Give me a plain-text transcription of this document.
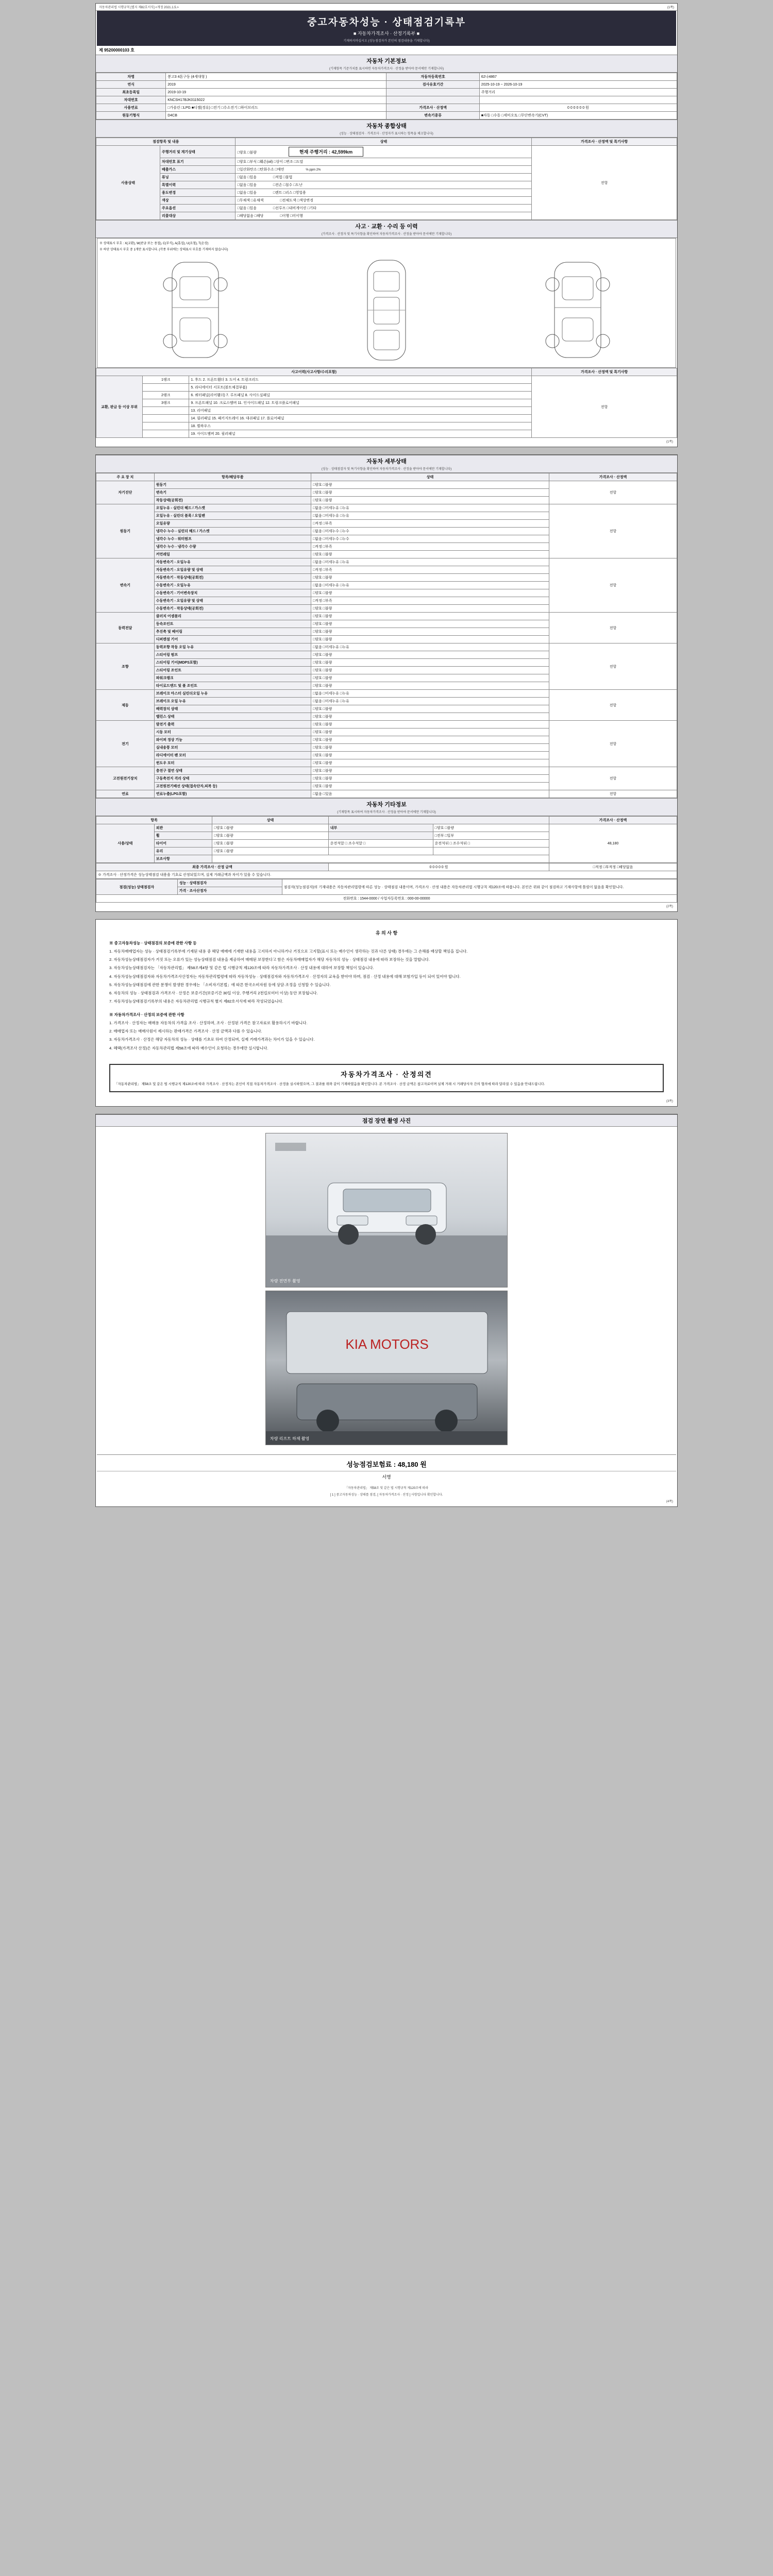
자동차관리법 시행규칙 [별지 제82호서식] <개정 2021.1.5.>	(1쪽)
중고자동차성능 · 상태점검기록부
■ 자동차가격조사 · 산정기록부 ■
기재하지마십시오 (성능점검자가 본인의 점검내용을 기재합니다)
제 95200000103 호
자동차 기본정보
(기재항목 기준가치를 표시하면 자동차가격조사 · 산정을 받아야 문서에만 기재합니다)
차명	봉고3 4톤구동 (4세대형 )	자동차등록번호	62나4867
연식	2019	검사유효기간	2025-10-19 ~ 2026-10-19
최초등록일	2019-10-19		주행거리
차대번호	KNCSH17BJK0115022		
사용연료	□가솔린 □LPG ■디젤(경유) □전기 □수소전기 □하이브리드	가격조사 · 산정액	0 0 0 0 0 0 원
원동기형식	D4CB	변속기종류	■자동 □수동 □세미오토 □무단변속기(CVT)
자동차 종합상태
(성능 · 상태점검자 · 가격조사 · 산정자가 표시하는 항목을 체크합니다)
점검항목 및 내용		상태	가격조사 · 산정액 및 특기사항
사용상태	주행거리 및 계기상태	□양호 □불량 현재 주행거리 : 42,599km	전항
	차대번호 표기	□양호 □부식 □훼손(oil) □상이 □변조 □도말	
	배출가스	□일산화탄소 □탄화수소 □매연 % ppm 2%	
	튜닝	□없음 □있음 □적법 □불법	
	특별이력	□없음 □있음 □전손 □침수 □도난	
	용도변경	□없음 □있음 □렌트 □리스 □영업용	
	색상	□무채색 □유채색 □전체도색 □색상변경	
	주요옵션	□없음 □있음 □선루프 □내비게이션 □기타	
	리콜대상	□해당없음 □해당 □이행 □미이행	
사고 · 교환 · 수리 등 이력
(가격조사 · 산정자 및 특기사항을 확인하여 자동차가격조사 · 산정을 받아야 문서에만 기재합니다)
※ 상태표시 부호 : X(교환), W(판금 또는 용접), C(부식), A(흠집), U(요철), T(손상)
※ 하단 상태표시 부호 중 1개만 표시합니다. (각종 부위에는 상태표시 부호를 기재하지 않습니다)
사고이력(사고사항/수리포함)			가격조사 · 산정액 및 특기사항
교환, 판금 등 이상 부위	1랭크	1. 후드 2. 프론트휀더 3. 도어 4. 트렁크리드	전항
		5. 라디에이터 서포트(볼트체결부품)	
	2랭크	6. 쿼터패널(리어휀더) 7. 루프패널 8. 사이드실패널	
	3랭크	9. 프론트패널 10. 크로스멤버 11. 인사이드패널 12. 트렁크플로어패널	
		13. 리어패널	
		14. 필러패널 15. 패키지트레이 16. 대쉬패널 17. 플로어패널	
		18. 휠하우스	
		19. 사이드멤버 20. 필러패널	
(1쪽)
자동차 세부상태
(성능 · 상태점검자 및 특기사항을 확인하여 자동차가격조사 · 산정을 받아야 문서에만 기재합니다)
주 요 장 치	항목/해당부품	상태	가격조사 · 산정액
자기진단	원동기	□양호 □불량	전항
	변속기	□양호 □불량	
	작동상태(공회전)	□양호 □불량	
원동기	오일누유 - 실린더 헤드 / 가스켓	□없음 □미세누유 □누유	전항
	오일누유 - 실린더 블록 / 오일팬	□없음 □미세누유 □누유	
	오일유량	□적정 □부족	
	냉각수 누수 - 실린더 헤드 / 가스켓	□없음 □미세누수 □누수	
	냉각수 누수 - 워터펌프	□없음 □미세누수 □누수	
	냉각수 누수 - 냉각수 수량	□적정 □부족	
	커먼레일	□양호 □불량	
변속기	자동변속기 - 오일누유	□없음 □미세누유 □누유	전항
	자동변속기 - 오일유량 및 상태	□적정 □부족	
	자동변속기 - 작동상태(공회전)	□양호 □불량	
	수동변속기 - 오일누유	□없음 □미세누유 □누유	
	수동변속기 - 기어변속장치	□양호 □불량	
	수동변속기 - 오일유량 및 상태	□적정 □부족	
	수동변속기 - 작동상태(공회전)	□양호 □불량	
동력전달	클러치 어셈블리	□양호 □불량	전항
	등속조인트	□양호 □불량	
	추진축 및 베어링	□양호 □불량	
	디퍼렌셜 기어	□양호 □불량	
조향	동력조향 작동 오일 누유	□없음 □미세누유 □누유	전항
	스티어링 펌프	□양호 □불량	
	스티어링 기어(MDPS포함)	□양호 □불량	
	스티어링 조인트	□양호 □불량	
	파워크랭크	□양호 □불량	
	타이로드엔드 및 볼 조인트	□양호 □불량	
제동	브레이크 마스터 실린더오일 누유	□없음 □미세누유 □누유	전항
	브레이크 오일 누유	□없음 □미세누유 □누유	
	배력장치 상태	□양호 □불량	
	밸런스 상태	□양호 □불량	
전기	발전기 출력	□양호 □불량	전항
	시동 모터	□양호 □불량	
	와이퍼 정상 기능	□양호 □불량	
	실내송풍 모터	□양호 □불량	
	라디에이터 팬 모터	□양호 □불량	
	윈도우 모터	□양호 □불량	
고전원전기장치	충전구 절연 상태	□양호 □불량	전항
	구동축전지 격리 상태	□양호 □불량	
	고전원전기배선 상태(접속단자,피복 등)	□양호 □불량	
연료	연료누출(LPG포함)	□없음 □있음	전항
자동차 기타정보
(기재항목 표시하여 자동차가격조사 · 산정을 받아야 문서에만 기재합니다)
항목		상태			가격조사 · 산정액
사용/상태	외관	□양호 □불량	내부	□양호 □불량	48,180
	휠	□양호 □불량		□전부 □일부	
	타이어	□양호 □불량	운전석앞 □ 조수석앞 □	운전석뒤 □ 조수석뒤 □	
	유리	□양호 □불량			
	보조사항				
최종 가격조사 · 산정 금액	0 0 0 0 0 원	□적정 □부적정 □해당없음
※ 가격조사 · 산정가격은 성능상태점검 내용을 기초로 산정되었으며, 실제 거래금액과 차이가 있을 수 있습니다.
점검(성능) 상태점검자	성능 · 상태점검자	점검자(성능점검자)의 기재내용은 자동차관리법령에 따른 성능 · 상태점검 내용이며, 가격조사 · 산정 내용은 자동차관리법 시행규칙 제120조에 따릅니다. 본인은 위와 같이 점검하고 기재사항에 틀림이 없음을 확인합니다.
가격 · 조사산정자
전화번호 : 1544-0000 / 사업자등록번호 : 000-00-00000
(2쪽)
유 의 사 항

※ 중고자동차성능 · 상태점검의 보증에 관한 사항 등

1. 자동차매매업자는 성능 · 상태점검기록부에 기재된 내용 중 헤당 매매에 기재한 내용을 고지하지 아니하거나 거짓으로 고지할(표시 또는 매수인이 생각하는 것과 다른 상태) 경우에는 그 손해를 배상할 책임을 집니다.

2. 자동차성능상태점검자가 거짓 또는 오류가 있는 성능상태점검 내용을 제공하여 매매된 보장한다고 함은 자동차매매업자가 해당 자동차의 성능 · 상태점검 내용에 따라 보장하는 것을 말합니다.

3. 자동차성능상태점검자는 「자동차관리법」 제58조제4항 및 같은 법 시행규칙 제120조에 따라 자동차가격조사 · 산정 내용에 대하여 보장할 책임이 있습니다.

4. 자동차성능상태점검자와 자동차가격조사산정자는 자동차관리법령에 따라 자동차성능 · 상태점검자와 자동차가격조사 · 산정자의 교육을 받아야 하며, 점검 · 산정 내용에 대해 보험가입 등이 되어 있어야 합니다.

5. 자동차성능상태점검에 관한 분쟁이 발생한 경우에는 「소비자기본법」에 따른 한국소비자원 등에 상담·조정을 신청할 수 있습니다.

6. 자동차의 성능 · 상태점검과 가격조사 · 산정은 보증기간(보증기간 30일 이상, 주행거리 2천킬로미터 이상) 동안 보장됩니다.

7. 자동차성능상태점검기록부의 내용은 자동차관리법 시행규칙 별지 제82호서식에 따라 작성되었습니다.

※ 자동차가격조사 · 산정의 보증에 관한 사항

1. 가격조사 · 산정자는 매매용 자동차의 가격을 조사 · 산정하며, 조사 · 산정된 가격은 참고자료로 활용하시기 바랍니다.

2. 매매업자 또는 매매사원이 제시하는 판매가격은 가격조사 · 산정 금액과 다를 수 있습니다.

3. 자동차가격조사 · 산정은 해당 자동차의 성능 · 상태를 기초로 하여 산정되며, 실제 거래가격과는 차이가 있을 수 있습니다.

4. 혜택(가격조사 산정)은 자동차관리법 제58조에 따라 매수인이 요청하는 경우에만 실시합니다.

자동차가격조사 · 산정의견
「자동차관리법」 제58조 및 같은 법 시행규칙 제120조에 따라 가격조사 · 산정자는 본인이 직접 자동차가격조사 · 산정을 실시하였으며, 그 결과를 위와 같이 기재하였음을 확인합니다. 본 가격조사 · 산정 금액은 참고자료이며 실제 거래 시 거래당사자 간의 협의에 따라 달라질 수 있음을 안내드립니다.
(3쪽)
점검 장면 촬영 사진
차량 전면부 촬영
KIA MOTORS
차량 리프트 하체 촬영
성능점검보험료 : 48,180 원
서명
「자동차관리법」 제58조 및 같은 법 시행규칙 제120조에 따라
[ 1 ] 중고자동차성능 · 상태를 점검, [ 자동차가격조사 · 산정 ] 사항입니다 확인합니다.
(4쪽)
